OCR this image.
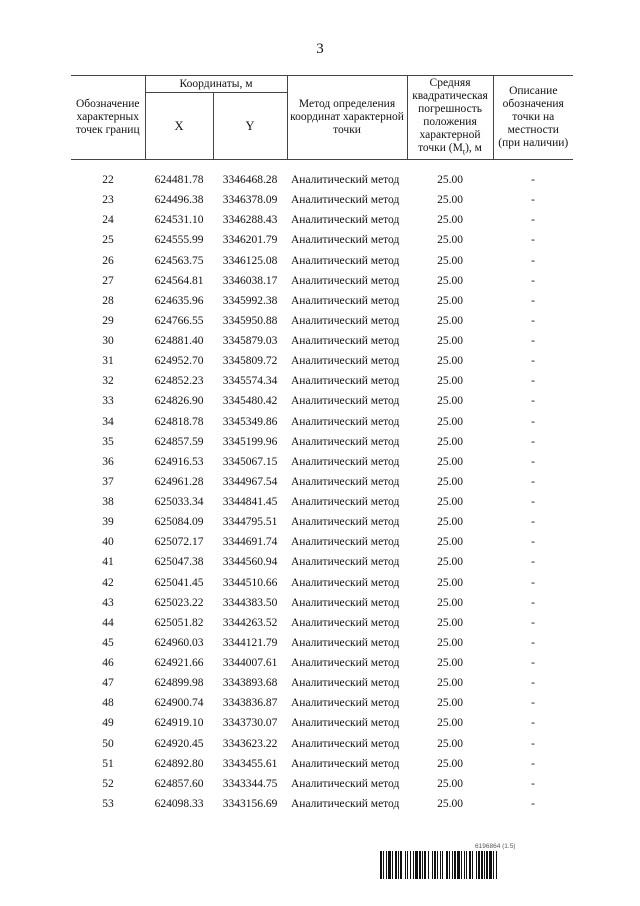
3
Обозначение характерных точек границ	Координаты, м		Метод определения координат характерной точки	Средняя квадратическая погрешность положения характерной точки $(M_t)$, м	Описание обозначения точки на местности (при наличии)
	X	Y			
22	624481.78	3346468.28	Аналитический метод	25.00	-
23	624496.38	3346378.09	Аналитический метод	25.00	-
24	624531.10	3346288.43	Аналитический метод	25.00	-
25	624555.99	3346201.79	Аналитический метод	25.00	-
26	624563.75	3346125.08	Аналитический метод	25.00	-
27	624564.81	3346038.17	Аналитический метод	25.00	-
28	624635.96	3345992.38	Аналитический метод	25.00	-
29	624766.55	3345950.88	Аналитический метод	25.00	-
30	624881.40	3345879.03	Аналитический метод	25.00	-
31	624952.70	3345809.72	Аналитический метод	25.00	-
32	624852.23	3345574.34	Аналитический метод	25.00	-
33	624826.90	3345480.42	Аналитический метод	25.00	-
34	624818.78	3345349.86	Аналитический метод	25.00	-
35	624857.59	3345199.96	Аналитический метод	25.00	-
36	624916.53	3345067.15	Аналитический метод	25.00	-
37	624961.28	3344967.54	Аналитический метод	25.00	-
38	625033.34	3344841.45	Аналитический метод	25.00	-
39	625084.09	3344795.51	Аналитический метод	25.00	-
40	625072.17	3344691.74	Аналитический метод	25.00	-
41	625047.38	3344560.94	Аналитический метод	25.00	-
42	625041.45	3344510.66	Аналитический метод	25.00	-
43	625023.22	3344383.50	Аналитический метод	25.00	-
44	625051.82	3344263.52	Аналитический метод	25.00	-
45	624960.03	3344121.79	Аналитический метод	25.00	-
46	624921.66	3344007.61	Аналитический метод	25.00	-
47	624899.98	3343893.68	Аналитический метод	25.00	-
48	624900.74	3343836.87	Аналитический метод	25.00	-
49	624919.10	3343730.07	Аналитический метод	25.00	-
50	624920.45	3343623.22	Аналитический метод	25.00	-
51	624892.80	3343455.61	Аналитический метод	25.00	-
52	624857.60	3343344.75	Аналитический метод	25.00	-
53	624098.33	3343156.69	Аналитический метод	25.00	-
6196864 (1.5)
